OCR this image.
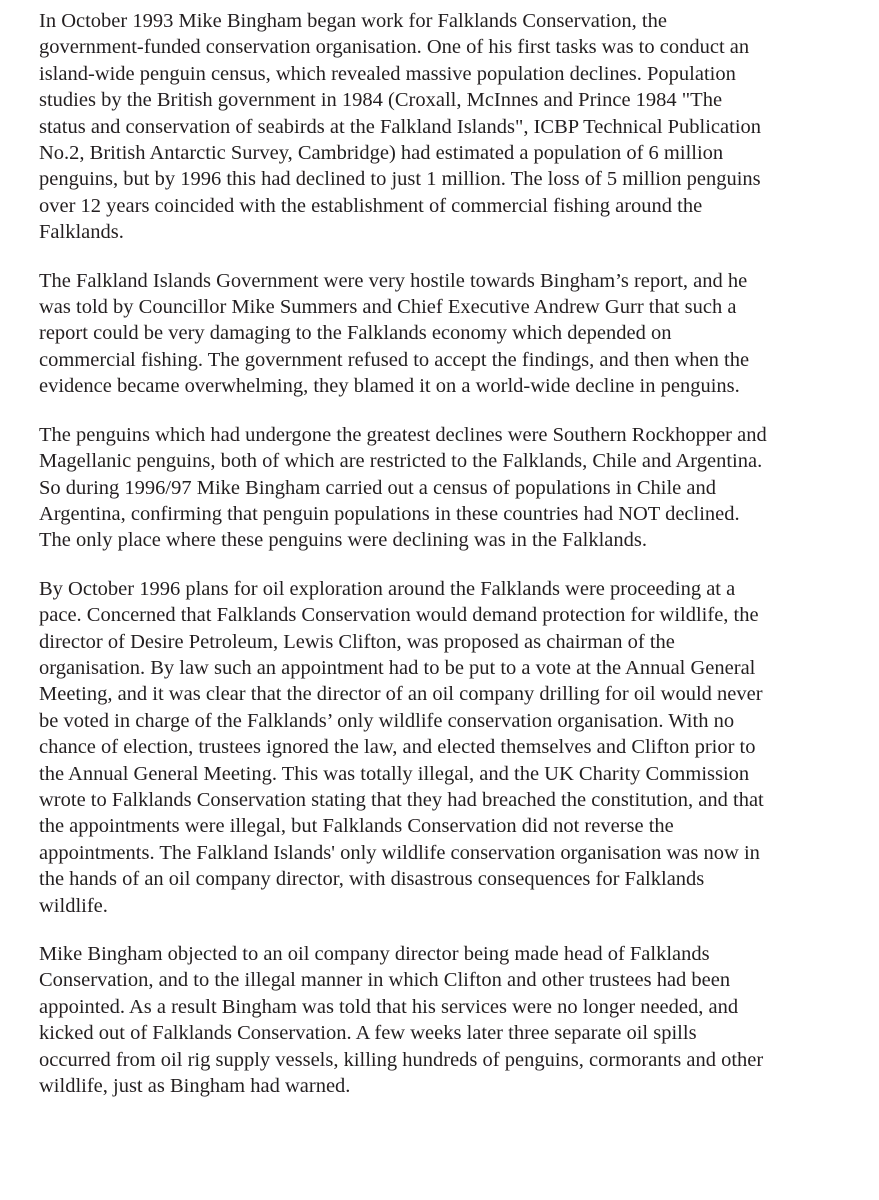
In October 1993 Mike Bingham began work for Falklands Conservation, the
government-funded conservation organisation. One of his first tasks was to conduct an
island-wide penguin census, which revealed massive population declines. Population
studies by the British government in 1984 (Croxall, McInnes and Prince 1984 "The
status and conservation of seabirds at the Falkland Islands", ICBP Technical Publication
No.2, British Antarctic Survey, Cambridge) had estimated a population of 6 million
penguins, but by 1996 this had declined to just 1 million. The loss of 5 million penguins
over 12 years coincided with the establishment of commercial fishing around the
Falklands.

The Falkland Islands Government were very hostile towards Bingham’s report, and he
was told by Councillor Mike Summers and Chief Executive Andrew Gurr that such a
report could be very damaging to the Falklands economy which depended on
commercial fishing. The government refused to accept the findings, and then when the
evidence became overwhelming, they blamed it on a world-wide decline in penguins.

The penguins which had undergone the greatest declines were Southern Rockhopper and
Magellanic penguins, both of which are restricted to the Falklands, Chile and Argentina.
So during 1996/97 Mike Bingham carried out a census of populations in Chile and
Argentina, confirming that penguin populations in these countries had NOT declined.
The only place where these penguins were declining was in the Falklands.

By October 1996 plans for oil exploration around the Falklands were proceeding at a
pace. Concerned that Falklands Conservation would demand protection for wildlife, the
director of Desire Petroleum, Lewis Clifton, was proposed as chairman of the
organisation. By law such an appointment had to be put to a vote at the Annual General
Meeting, and it was clear that the director of an oil company drilling for oil would never
be voted in charge of the Falklands’ only wildlife conservation organisation. With no
chance of election, trustees ignored the law, and elected themselves and Clifton prior to
the Annual General Meeting. This was totally illegal, and the UK Charity Commission
wrote to Falklands Conservation stating that they had breached the constitution, and that
the appointments were illegal, but Falklands Conservation did not reverse the
appointments. The Falkland Islands' only wildlife conservation organisation was now in
the hands of an oil company director, with disastrous consequences for Falklands
wildlife.

Mike Bingham objected to an oil company director being made head of Falklands
Conservation, and to the illegal manner in which Clifton and other trustees had been
appointed. As a result Bingham was told that his services were no longer needed, and
kicked out of Falklands Conservation. A few weeks later three separate oil spills
occurred from oil rig supply vessels, killing hundreds of penguins, cormorants and other
wildlife, just as Bingham had warned.
